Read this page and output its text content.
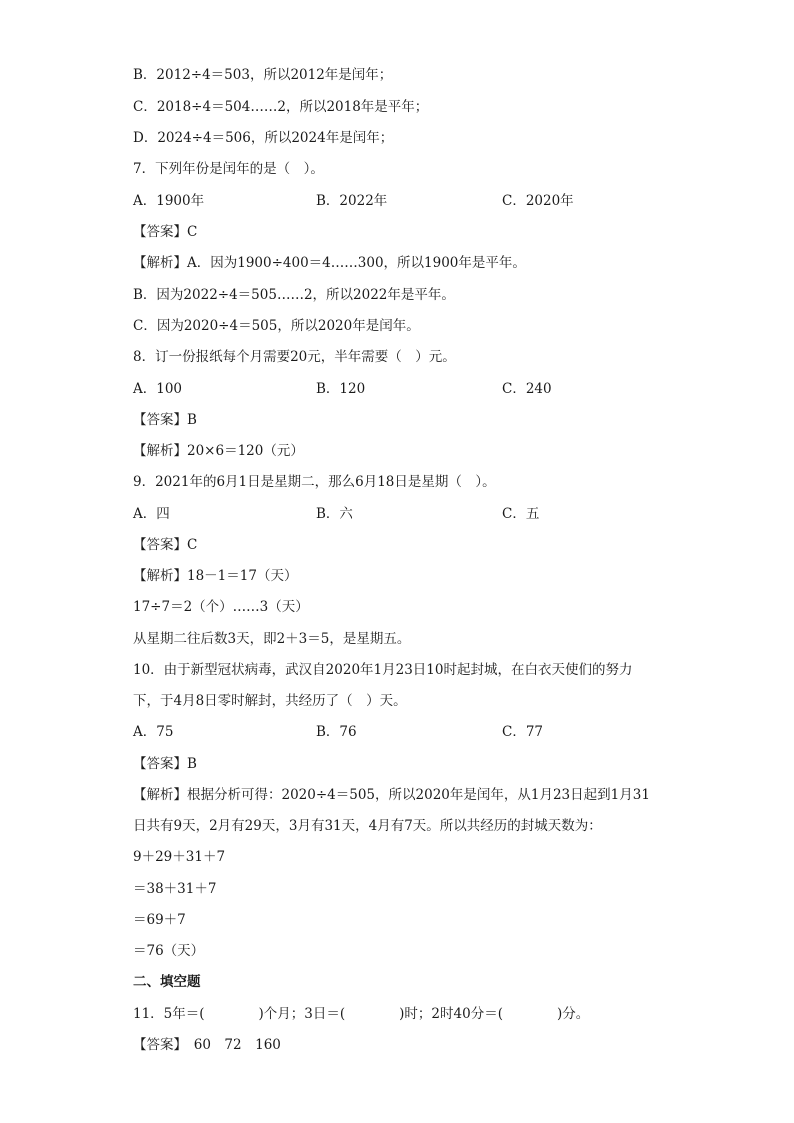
B．2012÷4＝503，所以2012年是闰年；
C．2018÷4＝504……2，所以2018年是平年；
D．2024÷4＝506，所以2024年是闰年；
7．下列年份是闰年的是（　）。
A．1900年	B．2022年	C．2020年
【答案】C
【解析】A．因为1900÷400＝4……300，所以1900年是平年。
B．因为2022÷4＝505……2，所以2022年是平年。
C．因为2020÷4＝505，所以2020年是闰年。
8．订一份报纸每个月需要20元，半年需要（　）元。
A．100	B．120	C．240
【答案】B
【解析】20×6＝120（元）
9．2021年的6月1日是星期二，那么6月18日是星期（　）。
A．四	B．六	C．五
【答案】C
【解析】18－1＝17（天）
17÷7＝2（个）……3（天）
从星期二往后数3天，即2＋3＝5，是星期五。
10．由于新型冠状病毒，武汉自2020年1月23日10时起封城，在白衣天使们的努力
下，于4月8日零时解封，共经历了（　）天。
A．75	B．76	C．77
【答案】B
【解析】根据分析可得：2020÷4＝505，所以2020年是闰年，从1月23日起到1月31
日共有9天，2月有29天，3月有31天，4月有7天。所以共经历的封城天数为：
9＋29＋31＋7
＝38＋31＋7
＝69＋7
＝76（天）
二、填空题
11．5年＝(　　　　)个月；3日＝(　　　　)时；2时40分＝(　　　　)分。
【答案】　60　72　160
